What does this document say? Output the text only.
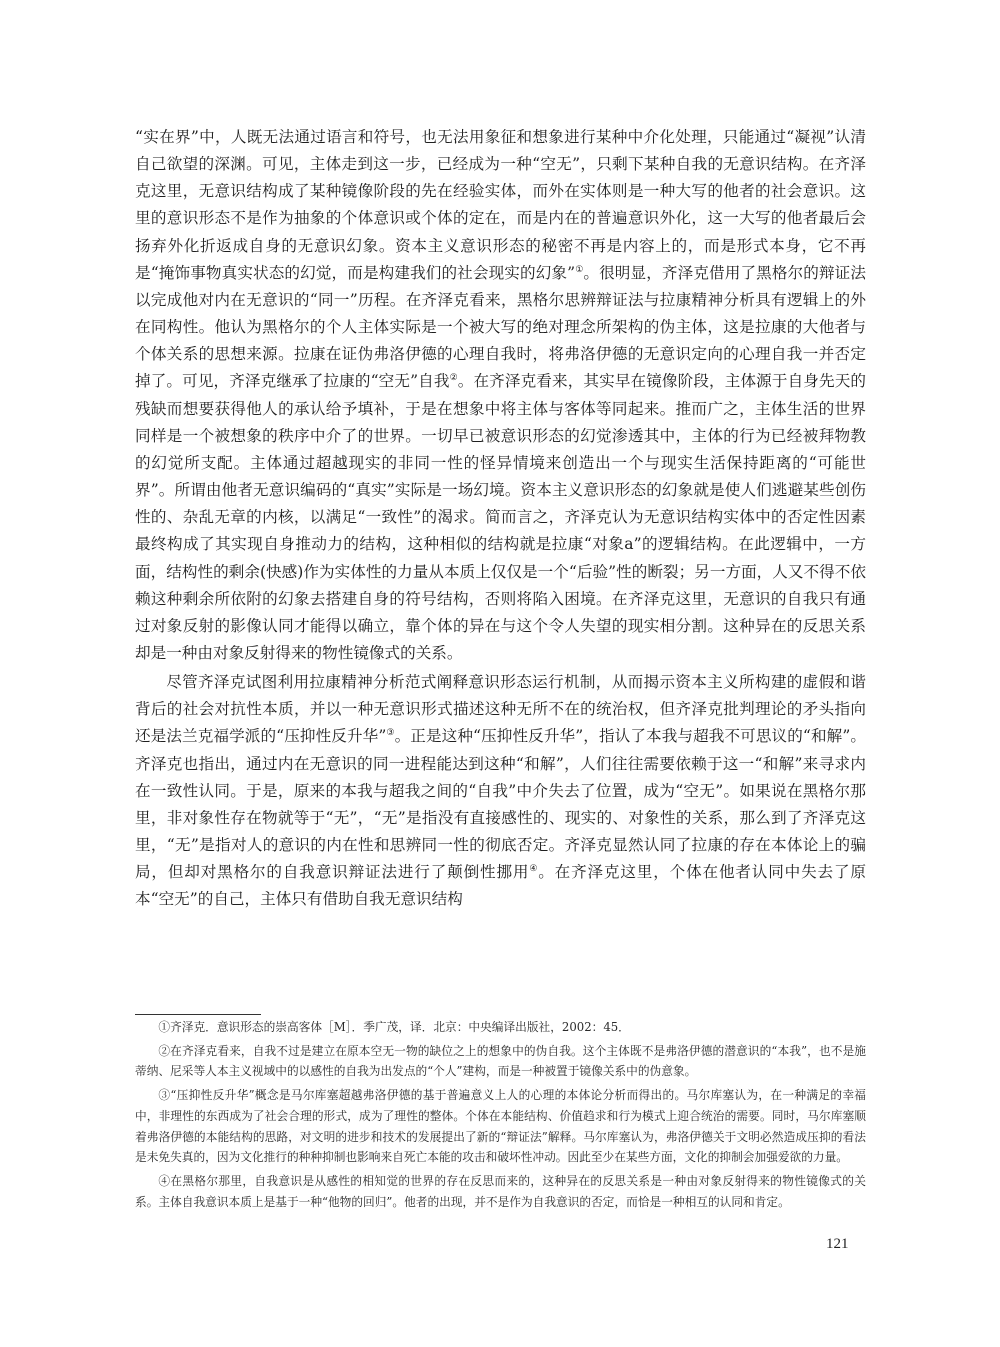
“实在界”中，人既无法通过语言和符号，也无法用象征和想象进行某种中介化处理，只能通过“凝视”认清自己欲望的深渊。可见，主体走到这一步，已经成为一种“空无”，只剩下某种自我的无意识结构。在齐泽克这里，无意识结构成了某种镜像阶段的先在经验实体，而外在实体则是一种大写的他者的社会意识。这里的意识形态不是作为抽象的个体意识或个体的定在，而是内在的普遍意识外化，这一大写的他者最后会扬弃外化折返成自身的无意识幻象。资本主义意识形态的秘密不再是内容上的，而是形式本身，它不再是“掩饰事物真实状态的幻觉，而是构建我们的社会现实的幻象”①。很明显，齐泽克借用了黑格尔的辩证法以完成他对内在无意识的“同一”历程。在齐泽克看来，黑格尔思辨辩证法与拉康精神分析具有逻辑上的外在同构性。他认为黑格尔的个人主体实际是一个被大写的绝对理念所架构的伪主体，这是拉康的大他者与个体关系的思想来源。拉康在证伪弗洛伊德的心理自我时，将弗洛伊德的无意识定向的心理自我一并否定掉了。可见，齐泽克继承了拉康的“空无”自我②。在齐泽克看来，其实早在镜像阶段，主体源于自身先天的残缺而想要获得他人的承认给予填补，于是在想象中将主体与客体等同起来。推而广之，主体生活的世界同样是一个被想象的秩序中介了的世界。一切早已被意识形态的幻觉渗透其中，主体的行为已经被拜物教的幻觉所支配。主体通过超越现实的非同一性的怪异情境来创造出一个与现实生活保持距离的“可能世界”。所谓由他者无意识编码的“真实”实际是一场幻境。资本主义意识形态的幻象就是使人们逃避某些创伤性的、杂乱无章的内核，以满足“一致性”的渴求。简而言之，齐泽克认为无意识结构实体中的否定性因素最终构成了其实现自身推动力的结构，这种相似的结构就是拉康“对象a”的逻辑结构。在此逻辑中，一方面，结构性的剩余(快感)作为实体性的力量从本质上仅仅是一个“后验”性的断裂；另一方面，人又不得不依赖这种剩余所依附的幻象去搭建自身的符号结构，否则将陷入困境。在齐泽克这里，无意识的自我只有通过对象反射的影像认同才能得以确立，靠个体的异在与这个令人失望的现实相分割。这种异在的反思关系却是一种由对象反射得来的物性镜像式的关系。

尽管齐泽克试图利用拉康精神分析范式阐释意识形态运行机制，从而揭示资本主义所构建的虚假和谐背后的社会对抗性本质，并以一种无意识形式描述这种无所不在的统治权，但齐泽克批判理论的矛头指向还是法兰克福学派的“压抑性反升华”③。正是这种“压抑性反升华”，指认了本我与超我不可思议的“和解”。齐泽克也指出，通过内在无意识的同一进程能达到这种“和解”，人们往往需要依赖于这一“和解”来寻求内在一致性认同。于是，原来的本我与超我之间的“自我”中介失去了位置，成为“空无”。如果说在黑格尔那里，非对象性存在物就等于“无”，“无”是指没有直接感性的、现实的、对象性的关系，那么到了齐泽克这里，“无”是指对人的意识的内在性和思辨同一性的彻底否定。齐泽克显然认同了拉康的存在本体论上的骗局，但却对黑格尔的自我意识辩证法进行了颠倒性挪用④。在齐泽克这里，个体在他者认同中失去了原本“空无”的自己，主体只有借助自我无意识结构

①齐泽克．意识形态的崇高客体［M］．季广茂，译．北京：中央编译出版社，2002：45．

②在齐泽克看来，自我不过是建立在原本空无一物的缺位之上的想象中的伪自我。这个主体既不是弗洛伊德的潜意识的“本我”，也不是施蒂纳、尼采等人本主义视域中的以感性的自我为出发点的“个人”建构，而是一种被置于镜像关系中的伪意象。

③“压抑性反升华”概念是马尔库塞超越弗洛伊德的基于普遍意义上人的心理的本体论分析而得出的。马尔库塞认为，在一种满足的幸福中，非理性的东西成为了社会合理的形式，成为了理性的整体。个体在本能结构、价值趋求和行为模式上迎合统治的需要。同时，马尔库塞顺着弗洛伊德的本能结构的思路，对文明的进步和技术的发展提出了新的“辩证法”解释。马尔库塞认为，弗洛伊德关于文明必然造成压抑的看法是未免失真的，因为文化推行的种种抑制也影响来自死亡本能的攻击和破坏性冲动。因此至少在某些方面，文化的抑制会加强爱欲的力量。

④在黑格尔那里，自我意识是从感性的相知觉的世界的存在反思而来的，这种异在的反思关系是一种由对象反射得来的物性镜像式的关系。主体自我意识本质上是基于一种“他物的回归”。他者的出现，并不是作为自我意识的否定，而恰是一种相互的认同和肯定。

121
